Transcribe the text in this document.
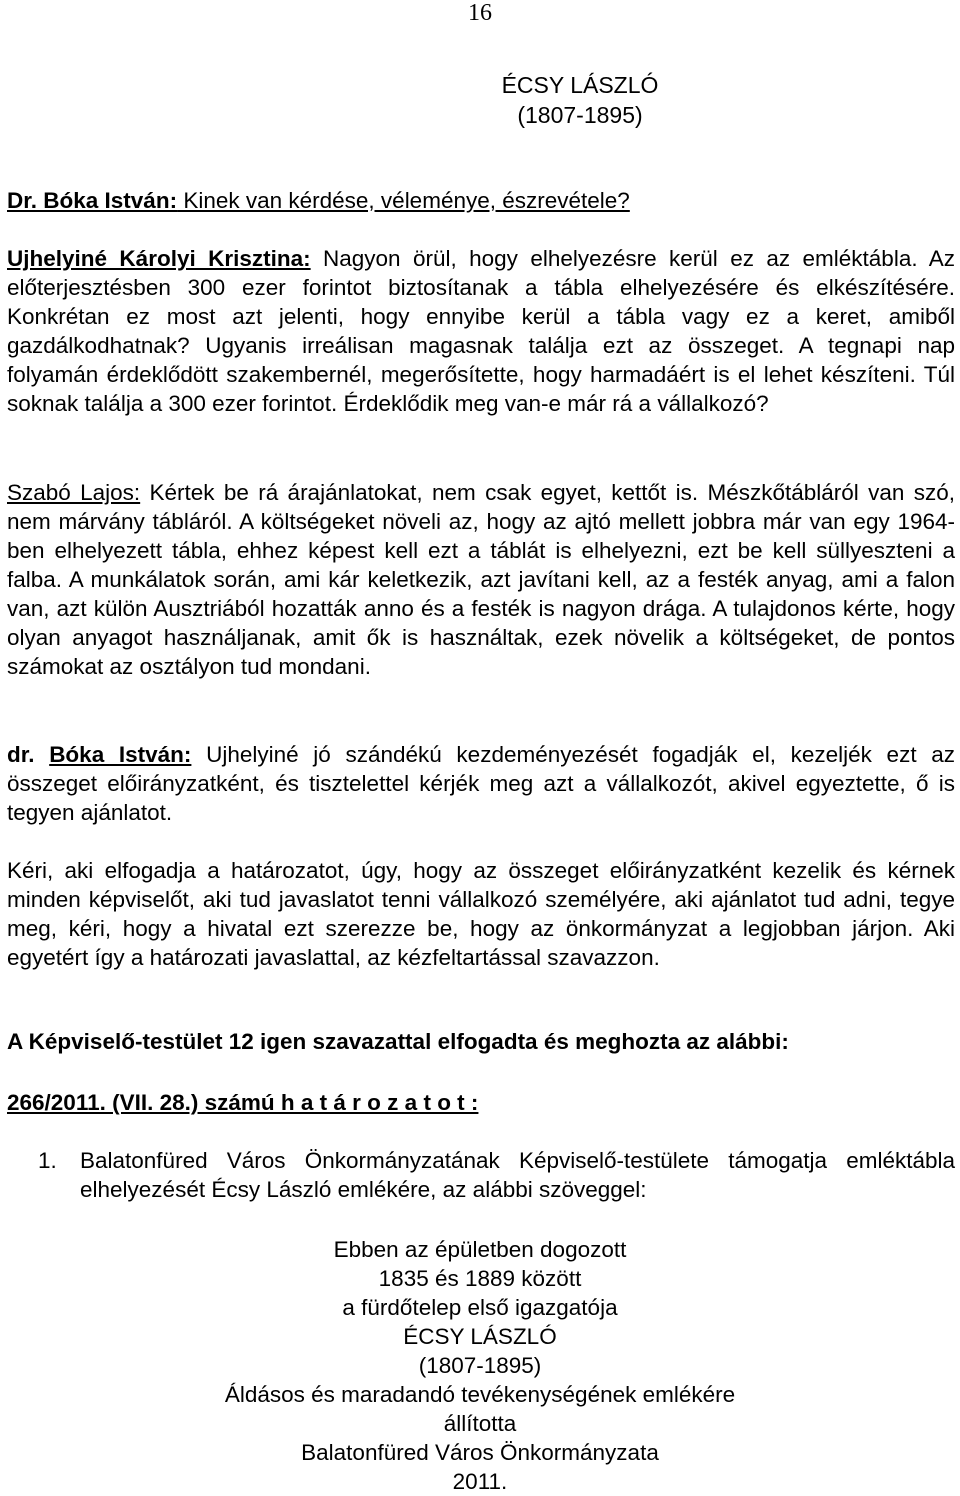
16
ÉCSY LÁSZLÓ
(1807-1895)

Dr. Bóka István: Kinek van kérdése, véleménye, észrevétele?

Ujhelyiné Károlyi Krisztina: Nagyon örül, hogy elhelyezésre kerül ez az emléktábla. Az előterjesztésben 300 ezer forintot biztosítanak a tábla elhelyezésére és elkészítésére. Konkrétan ez most azt jelenti, hogy ennyibe kerül a tábla vagy ez a keret, amiből gazdálkodhatnak? Ugyanis irreálisan magasnak találja ezt az összeget. A tegnapi nap folyamán érdeklődött szakembernél, megerősítette, hogy harmadáért is el lehet készíteni. Túl soknak találja a 300 ezer forintot. Érdeklődik meg van-e már rá a vállalkozó?

Szabó Lajos: Kértek be rá árajánlatokat, nem csak egyet, kettőt is. Mészkőtábláról van szó, nem márvány tábláról. A költségeket növeli az, hogy az ajtó mellett jobbra már van egy 1964-ben elhelyezett tábla, ehhez képest kell ezt a táblát is elhelyezni, ezt be kell süllyeszteni a falba. A munkálatok során, ami kár keletkezik, azt javítani kell, az a festék anyag, ami a falon van, azt külön Ausztriából hozatták anno és a festék is nagyon drága. A tulajdonos kérte, hogy olyan anyagot használjanak, amit ők is használtak, ezek növelik a költségeket, de pontos számokat az osztályon tud mondani.

dr. Bóka István: Ujhelyiné jó szándékú kezdeményezését fogadják el, kezeljék ezt az összeget előirányzatként, és tisztelettel kérjék meg azt a vállalkozót, akivel egyeztette, ő is tegyen ajánlatot.

Kéri, aki elfogadja a határozatot, úgy, hogy az összeget előirányzatként kezelik és kérnek minden képviselőt, aki tud javaslatot tenni vállalkozó személyére, aki ajánlatot tud adni, tegye meg, kéri, hogy a hivatal ezt szerezze be, hogy az önkormányzat a legjobban járjon. Aki egyetért így a határozati javaslattal, az kézfeltartással szavazzon.

A Képviselő-testület 12 igen szavazattal elfogadta és meghozta az alábbi:
266/2011. (VII. 28.) számú h a t á r o z a t o t :
1. Balatonfüred Város Önkormányzatának Képviselő-testülete támogatja emléktábla elhelyezését Écsy László emlékére, az alábbi szöveggel:
Ebben az épületben dogozott
1835 és 1889 között
a fürdőtelep első igazgatója
ÉCSY LÁSZLÓ
(1807-1895)
Áldásos és maradandó tevékenységének emlékére
állította
Balatonfüred Város Önkormányzata
2011.
